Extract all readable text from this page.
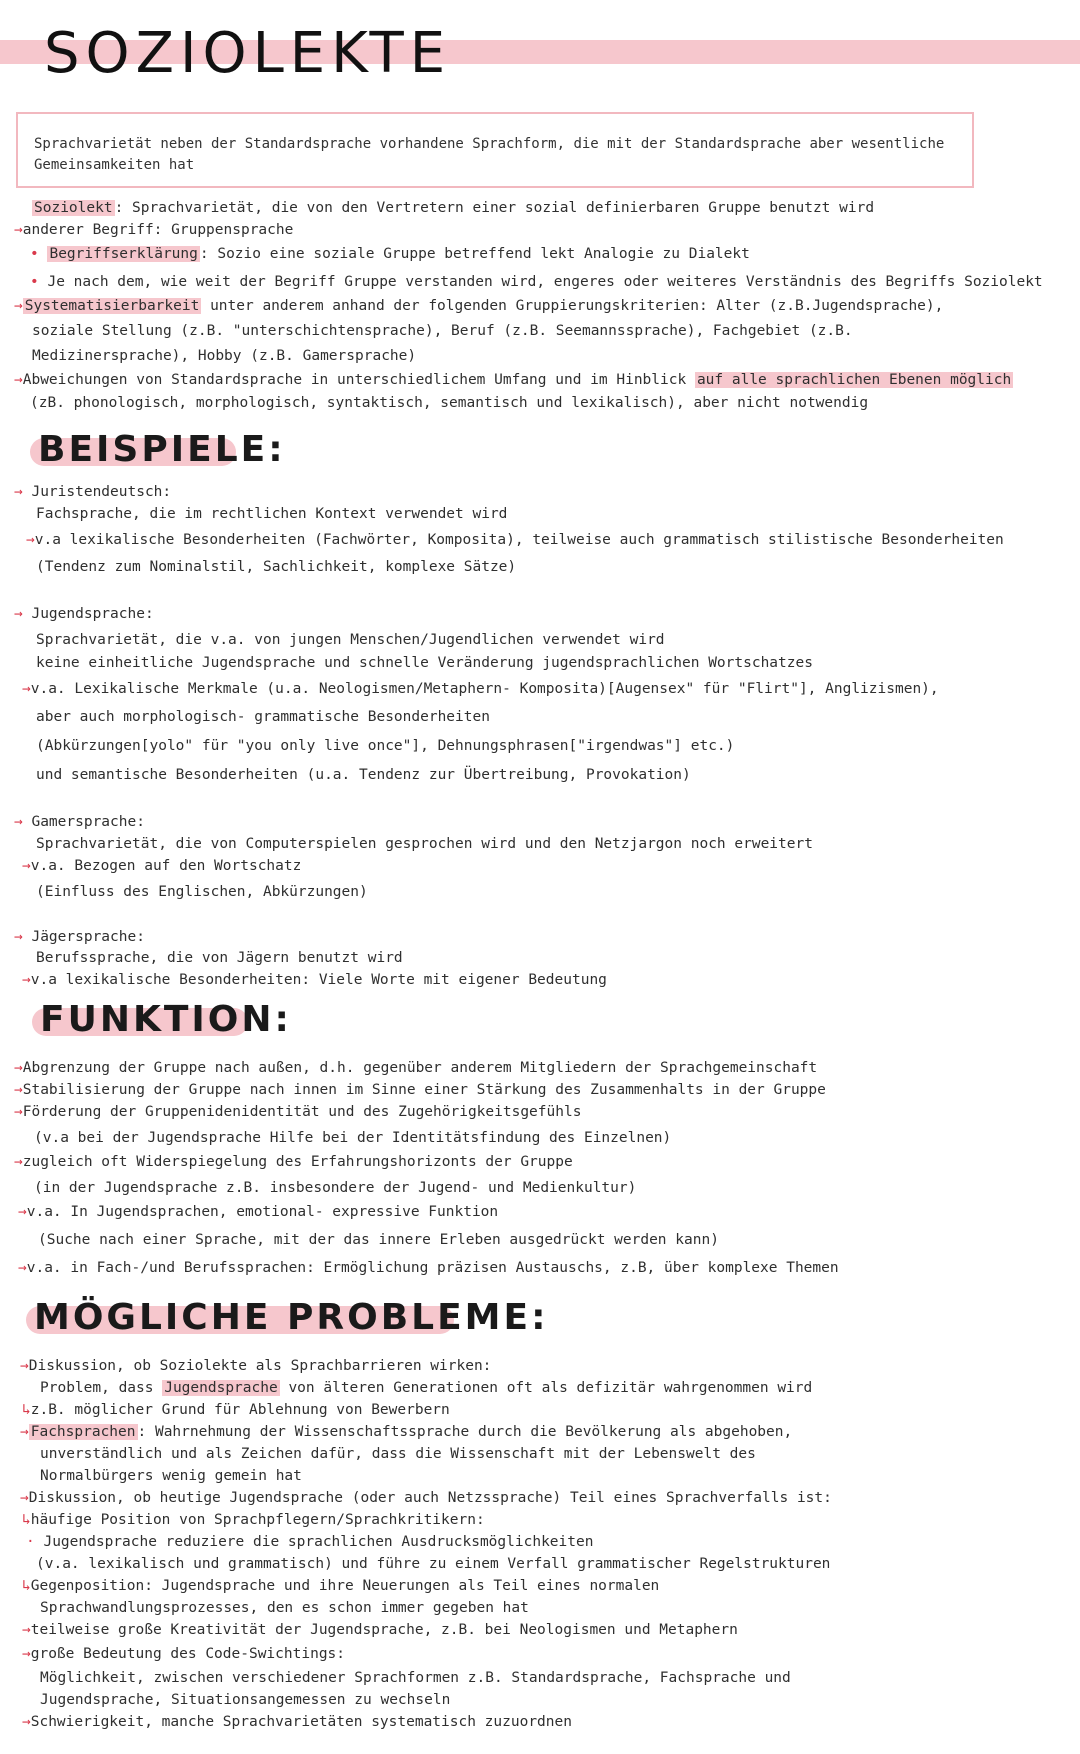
SOZIOLEKTE
Sprachvarietät neben der Standardsprache vorhandene Sprachform, die mit der Standardsprache aber wesentliche
Gemeinsamkeiten hat
Soziolekt : Sprachvarietät, die von den Vertretern einer sozial definierbaren Gruppe benutzt wird
→anderer Begriff: Gruppensprache
• Begriffserklärung : Sozio eine soziale Gruppe betreffend lekt Analogie zu Dialekt
• Je nach dem, wie weit der Begriff Gruppe verstanden wird, engeres oder weiteres Verständnis des Begriffs Soziolekt
→ Systematisierbarkeit unter anderem anhand der folgenden Gruppierungskriterien: Alter (z.B.Jugendsprache),
soziale Stellung (z.B. "unterschichtensprache), Beruf (z.B. Seemannssprache), Fachgebiet (z.B.
Medizinersprache), Hobby (z.B. Gamersprache)
→Abweichungen von Standardsprache in unterschiedlichem Umfang und im Hinblick auf alle sprachlichen Ebenen möglich
(zB. phonologisch, morphologisch, syntaktisch, semantisch und lexikalisch), aber nicht notwendig
BEISPIELE:
→ Juristendeutsch:
Fachsprache, die im rechtlichen Kontext verwendet wird
→v.a lexikalische Besonderheiten (Fachwörter, Komposita), teilweise auch grammatisch stilistische Besonderheiten
(Tendenz zum Nominalstil, Sachlichkeit, komplexe Sätze)
→ Jugendsprache:
Sprachvarietät, die v.a. von jungen Menschen/Jugendlichen verwendet wird
keine einheitliche Jugendsprache und schnelle Veränderung jugendsprachlichen Wortschatzes
→v.a. Lexikalische Merkmale (u.a. Neologismen/Metaphern- Komposita)[Augensex" für "Flirt"], Anglizismen),
aber auch morphologisch- grammatische Besonderheiten
(Abkürzungen[yolo" für "you only live once"], Dehnungsphrasen["irgendwas"] etc.)
und semantische Besonderheiten (u.a. Tendenz zur Übertreibung, Provokation)
→ Gamersprache:
Sprachvarietät, die von Computerspielen gesprochen wird und den Netzjargon noch erweitert
→v.a. Bezogen auf den Wortschatz
(Einfluss des Englischen, Abkürzungen)
→ Jägersprache:
Berufssprache, die von Jägern benutzt wird
→v.a lexikalische Besonderheiten: Viele Worte mit eigener Bedeutung
FUNKTION:
→Abgrenzung der Gruppe nach außen, d.h. gegenüber anderem Mitgliedern der Sprachgemeinschaft
→Stabilisierung der Gruppe nach innen im Sinne einer Stärkung des Zusammenhalts in der Gruppe
→Förderung der Gruppenidenidentität und des Zugehörigkeitsgefühls
(v.a bei der Jugendsprache Hilfe bei der Identitätsfindung des Einzelnen)
→zugleich oft Widerspiegelung des Erfahrungshorizonts der Gruppe
(in der Jugendsprache z.B. insbesondere der Jugend- und Medienkultur)
→v.a. In Jugendsprachen, emotional- expressive Funktion
(Suche nach einer Sprache, mit der das innere Erleben ausgedrückt werden kann)
→v.a. in Fach-/und Berufssprachen: Ermöglichung präzisen Austauschs, z.B, über komplexe Themen
MÖGLICHE PROBLEME:
→Diskussion, ob Soziolekte als Sprachbarrieren wirken:
Problem, dass Jugendsprache von älteren Generationen oft als defizitär wahrgenommen wird
↳z.B. möglicher Grund für Ablehnung von Bewerbern
→ Fachsprachen : Wahrnehmung der Wissenschaftssprache durch die Bevölkerung als abgehoben,
unverständlich und als Zeichen dafür, dass die Wissenschaft mit der Lebenswelt des
Normalbürgers wenig gemein hat
→Diskussion, ob heutige Jugendsprache (oder auch Netzssprache) Teil eines Sprachverfalls ist:
↳häufige Position von Sprachpflegern/Sprachkritikern:
· Jugendsprache reduziere die sprachlichen Ausdrucksmöglichkeiten
(v.a. lexikalisch und grammatisch) und führe zu einem Verfall grammatischer Regelstrukturen
↳Gegenposition: Jugendsprache und ihre Neuerungen als Teil eines normalen
Sprachwandlungsprozesses, den es schon immer gegeben hat
→teilweise große Kreativität der Jugendsprache, z.B. bei Neologismen und Metaphern
→große Bedeutung des Code-Swichtings:
Möglichkeit, zwischen verschiedener Sprachformen z.B. Standardsprache, Fachsprache und
Jugendsprache, Situationsangemessen zu wechseln
→Schwierigkeit, manche Sprachvarietäten systematisch zuzuordnen
